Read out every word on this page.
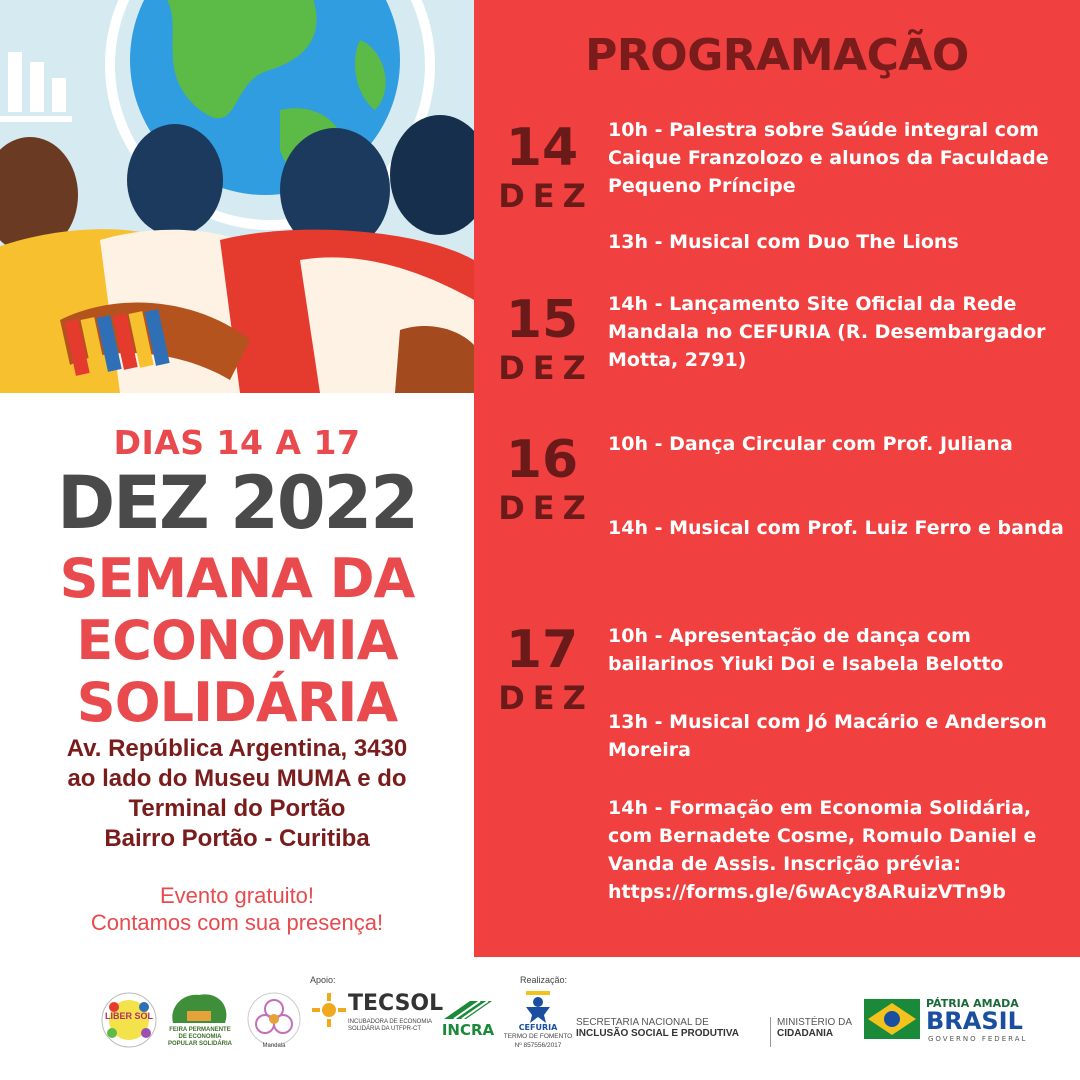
DIAS 14 A 17
DEZ 2022
SEMANA DA
ECONOMIA
SOLIDÁRIA
Av. República Argentina, 3430
ao lado do Museu MUMA e do
Terminal do Portão
Bairro Portão - Curitiba
Evento gratuito!
Contamos com sua presença!
PROGRAMAÇÃO
14
DEZ
10h - Palestra sobre Saúde integral com Caique Franzolozo e alunos da Faculdade Pequeno Príncipe
13h - Musical com Duo The Lions
15
DEZ
14h - Lançamento Site Oficial da Rede Mandala no CEFURIA (R. Desembargador Motta, 2791)
16
DEZ
10h - Dança Circular com Prof. Juliana
14h - Musical com Prof. Luiz Ferro e banda
17
DEZ
10h - Apresentação de dança com bailarinos Yiuki Doi e Isabela Belotto
13h - Musical com Jó Macário e Anderson Moreira
14h - Formação em Economia Solidária, com Bernadete Cosme, Romulo Daniel e Vanda de Assis. Inscrição prévia: https://forms.gle/6wAcy8ARuizVTn9b
LIBER SOL
FEIRA PERMANENTE DE ECONOMIA POPULAR SOLIDÁRIA	Mandala
Apoio:
TECSOL
INCUBADORA DE ECONOMIA SOLIDÁRIA DA UTFPR-CT	INCRA
Realização:
CEFURIA
TERMO DE FOMENTO
Nº 857556/2017
SECRETARIA NACIONAL DE
INCLUSÃO SOCIAL E PRODUTIVA
MINISTÉRIO DA
CIDADANIA
PÁTRIA AMADA
BRASIL
GOVERNO FEDERAL
